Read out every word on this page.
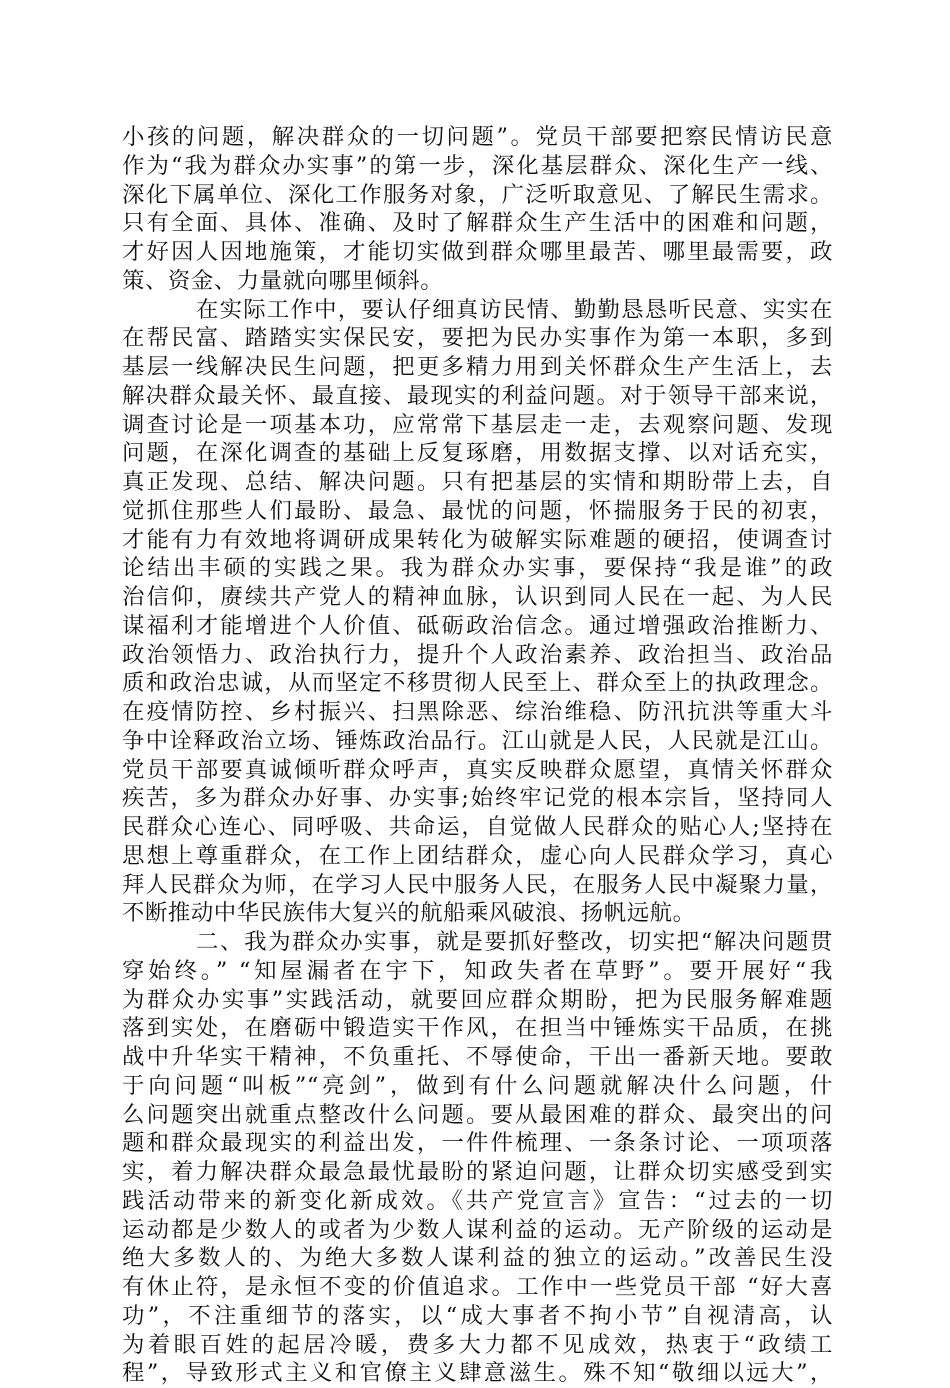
小孩的问题，解决群众的一切问题”。党员干部要把察民情访民意
作为“我为群众办实事”的第一步，深化基层群众、深化生产一线、
深化下属单位、深化工作服务对象，广泛听取意见、了解民生需求。
只有全面、具体、准确、及时了解群众生产生活中的困难和问题，
才好因人因地施策，才能切实做到群众哪里最苦、哪里最需要，政
策、资金、力量就向哪里倾斜。
在实际工作中，要认仔细真访民情、勤勤恳恳听民意、实实在
在帮民富、踏踏实实保民安，要把为民办实事作为第一本职，多到
基层一线解决民生问题，把更多精力用到关怀群众生产生活上，去
解决群众最关怀、最直接、最现实的利益问题。对于领导干部来说，
调查讨论是一项基本功，应常常下基层走一走，去观察问题、发现
问题，在深化调查的基础上反复琢磨，用数据支撑、以对话充实，
真正发现、总结、解决问题。只有把基层的实情和期盼带上去，自
觉抓住那些人们最盼、最急、最忧的问题，怀揣服务于民的初衷，
才能有力有效地将调研成果转化为破解实际难题的硬招，使调查讨
论结出丰硕的实践之果。我为群众办实事，要保持“我是谁”的政
治信仰，赓续共产党人的精神血脉，认识到同人民在一起、为人民
谋福利才能增进个人价值、砥砺政治信念。通过增强政治推断力、
政治领悟力、政治执行力，提升个人政治素养、政治担当、政治品
质和政治忠诚，从而坚定不移贯彻人民至上、群众至上的执政理念。
在疫情防控、乡村振兴、扫黑除恶、综治维稳、防汛抗洪等重大斗
争中诠释政治立场、锤炼政治品行。江山就是人民，人民就是江山。
党员干部要真诚倾听群众呼声，真实反映群众愿望，真情关怀群众
疾苦，多为群众办好事、办实事;始终牢记党的根本宗旨，坚持同人
民群众心连心、同呼吸、共命运，自觉做人民群众的贴心人;坚持在
思想上尊重群众，在工作上团结群众，虚心向人民群众学习，真心
拜人民群众为师，在学习人民中服务人民，在服务人民中凝聚力量，
不断推动中华民族伟大复兴的航船乘风破浪、扬帆远航。
二、我为群众办实事，就是要抓好整改，切实把“解决问题贯
穿始终。” “知屋漏者在宇下，知政失者在草野”。要开展好“我
为群众办实事”实践活动，就要回应群众期盼，把为民服务解难题
落到实处，在磨砺中锻造实干作风，在担当中锤炼实干品质，在挑
战中升华实干精神，不负重托、不辱使命，干出一番新天地。要敢
于向问题“叫板”“亮剑”，做到有什么问题就解决什么问题，什
么问题突出就重点整改什么问题。要从最困难的群众、最突出的问
题和群众最现实的利益出发，一件件梳理、一条条讨论、一项项落
实，着力解决群众最急最忧最盼的紧迫问题，让群众切实感受到实
践活动带来的新变化新成效。《共产党宣言》宣告：“过去的一切
运动都是少数人的或者为少数人谋利益的运动。无产阶级的运动是
绝大多数人的、为绝大多数人谋利益的独立的运动。”改善民生没
有休止符，是永恒不变的价值追求。工作中一些党员干部 “好大喜
功”，不注重细节的落实，以“成大事者不拘小节”自视清高，认
为着眼百姓的起居冷暖，费多大力都不见成效，热衷于“政绩工
程”，导致形式主义和官僚主义肆意滋生。殊不知“敬细以远大”，
